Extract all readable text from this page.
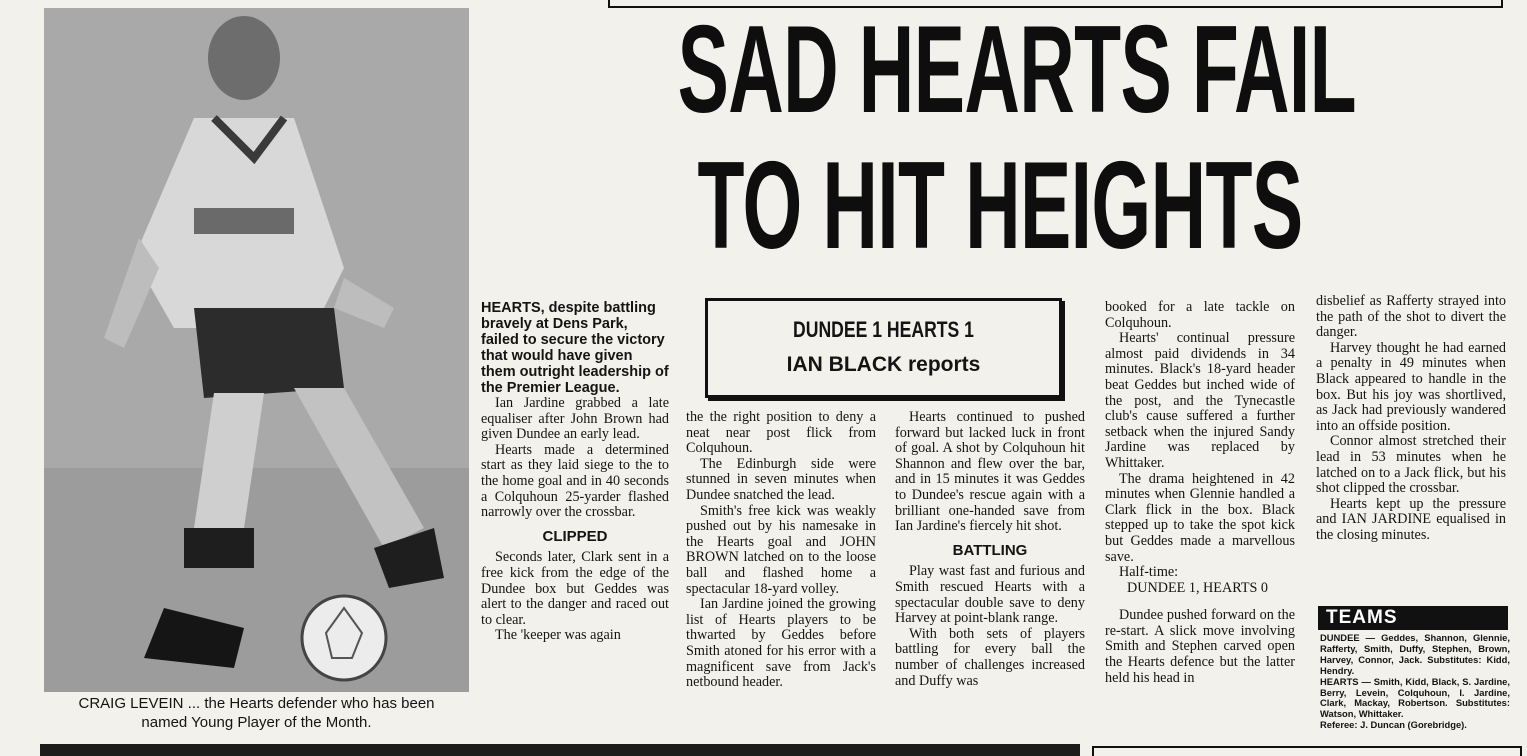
SAD HEARTS FAIL
TO HIT HEIGHTS
CRAIG LEVEIN ... the Hearts defender who has been
named Young Player of the Month.

HEARTS, despite battling bravely at Dens Park, failed to secure the victory that would have given them outright leadership of the Premier League.

Ian Jardine grabbed a late equaliser after John Brown had given Dundee an early lead.

Hearts made a determined start as they laid siege to the to the home goal and in 40 seconds a Colquhoun 25-yarder flashed narrowly over the crossbar.

CLIPPED

Seconds later, Clark sent in a free kick from the edge of the Dundee box but Geddes was alert to the danger and raced out to clear.

The 'keeper was again

DUNDEE 1 HEARTS 1
IAN BLACK reports

the the right position to deny a neat near post flick from Colquhoun.

The Edinburgh side were stunned in seven minutes when Dundee snatched the lead.

Smith's free kick was weakly pushed out by his namesake in the Hearts goal and JOHN BROWN latched on to the loose ball and flashed home a spectacular 18-yard volley.

Ian Jardine joined the growing list of Hearts players to be thwarted by Geddes before Smith atoned for his error with a magnificent save from Jack's netbound header.

Hearts continued to pushed forward but lacked luck in front of goal. A shot by Colquhoun hit Shannon and flew over the bar, and in 15 minutes it was Geddes to Dundee's rescue again with a brilliant one-handed save from Ian Jardine's fiercely hit shot.

BATTLING

Play wast fast and furious and Smith rescued Hearts with a spectacular double save to deny Harvey at point-blank range.

With both sets of players battling for every ball the number of challenges increased and Duffy was

booked for a late tackle on Colquhoun.

Hearts' continual pressure almost paid dividends in 34 minutes. Black's 18-yard header beat Geddes but inched wide of the post, and the Tynecastle club's cause suffered a further setback when the injured Sandy Jardine was replaced by Whittaker.

The drama heightened in 42 minutes when Glennie handled a Clark flick in the box. Black stepped up to take the spot kick but Geddes made a marvellous save.

Half-time:

DUNDEE 1, HEARTS 0

Dundee pushed forward on the re-start. A slick move involving Smith and Stephen carved open the Hearts defence but the latter held his head in

disbelief as Rafferty strayed into the path of the shot to divert the danger.

Harvey thought he had earned a penalty in 49 minutes when Black appeared to handle in the box. But his joy was shortlived, as Jack had previously wandered into an offside position.

Connor almost stretched their lead in 53 minutes when he latched on to a Jack flick, but his shot clipped the crossbar.

Hearts kept up the pressure and IAN JARDINE equalised in the closing minutes.

TEAMS

DUNDEE — Geddes, Shannon, Glennie, Rafferty, Smith, Duffy, Stephen, Brown, Harvey, Connor, Jack. Substitutes: Kidd, Hendry.

HEARTS — Smith, Kidd, Black, S. Jardine, Berry, Levein, Colquhoun, I. Jardine, Clark, Mackay, Robertson. Substitutes: Watson, Whittaker.

Referee: J. Duncan (Gorebridge).
